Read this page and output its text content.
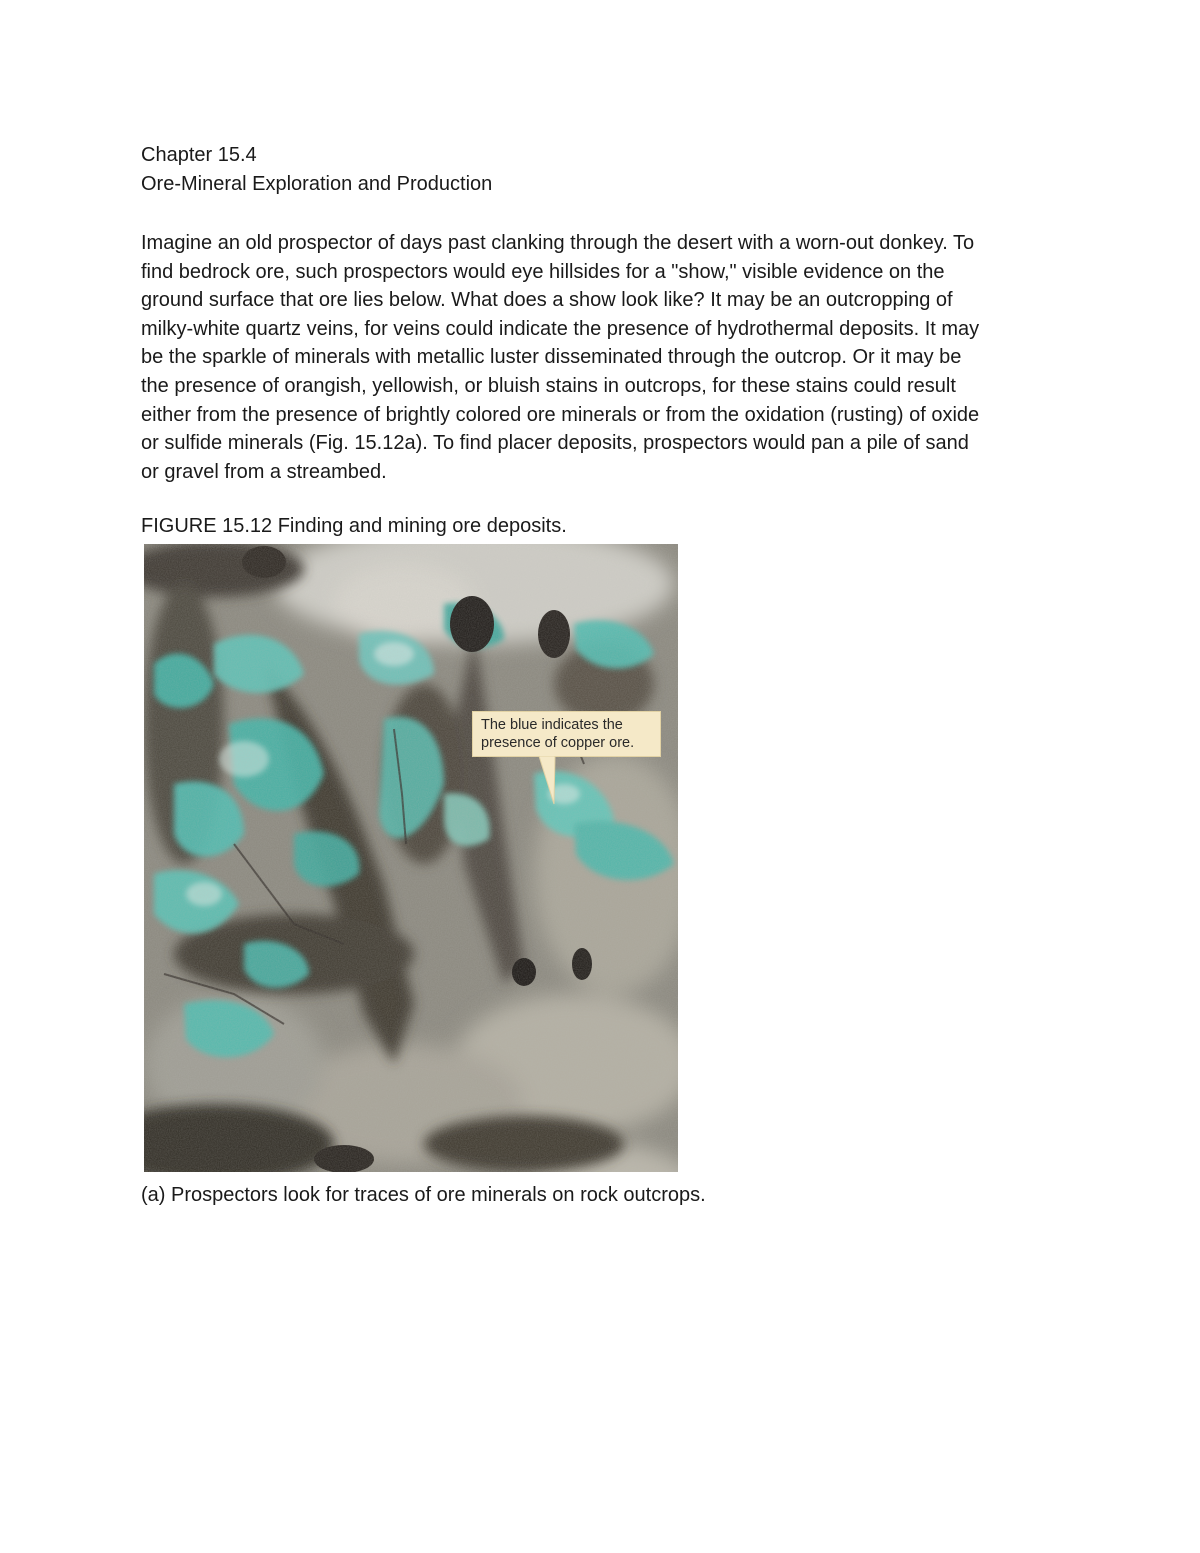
Chapter 15.4

Ore-Mineral Exploration and Production

Imagine an old prospector of days past clanking through the desert with a worn-out donkey. To
find bedrock ore, such prospectors would eye hillsides for a "show," visible evidence on the
ground surface that ore lies below. What does a show look like? It may be an outcropping of
milky-white quartz veins, for veins could indicate the presence of hydrothermal deposits. It may
be the sparkle of minerals with metallic luster disseminated through the outcrop. Or it may be
the presence of orangish, yellowish, or bluish stains in outcrops, for these stains could result
either from the presence of brightly colored ore minerals or from the oxidation (rusting) of oxide
or sulfide minerals (Fig. 15.12a). To find placer deposits, prospectors would pan a pile of sand
or gravel from a streambed.

FIGURE 15.12 Finding and mining ore deposits.

The blue indicates the
presence of copper ore.

(a) Prospectors look for traces of ore minerals on rock outcrops.
